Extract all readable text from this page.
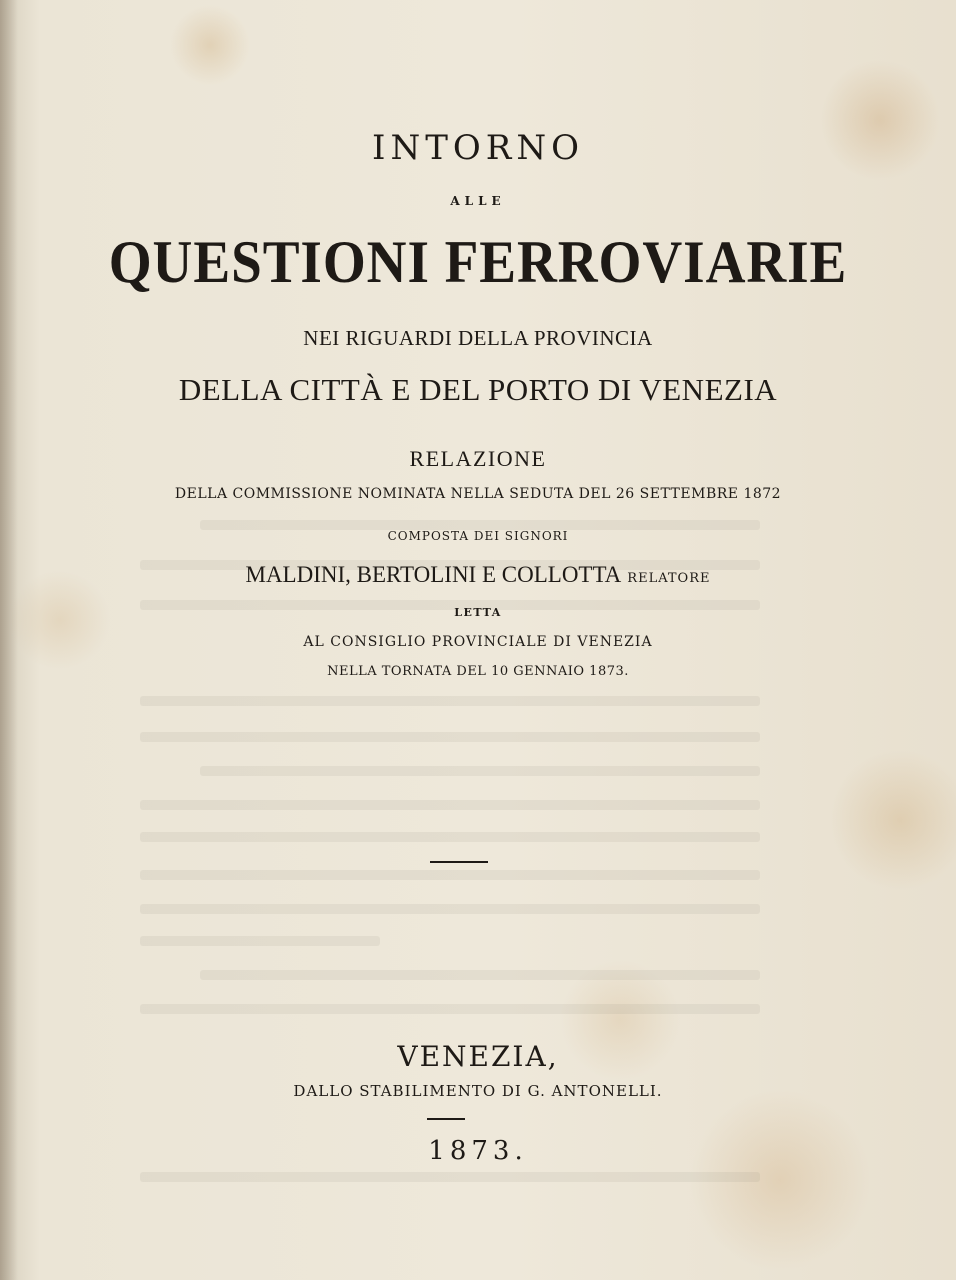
INTORNO
ALLE
QUESTIONI FERROVIARIE
NEI RIGUARDI DELLA PROVINCIA
DELLA CITTÀ E DEL PORTO DI VENEZIA
RELAZIONE
DELLA COMMISSIONE NOMINATA NELLA SEDUTA DEL 26 SETTEMBRE 1872
COMPOSTA DEI SIGNORI
MALDINI, BERTOLINI E COLLOTTA RELATORE
LETTA
AL CONSIGLIO PROVINCIALE DI VENEZIA
NELLA TORNATA DEL 10 GENNAIO 1873.
VENEZIA,
DALLO STABILIMENTO DI G. ANTONELLI.
1873.
